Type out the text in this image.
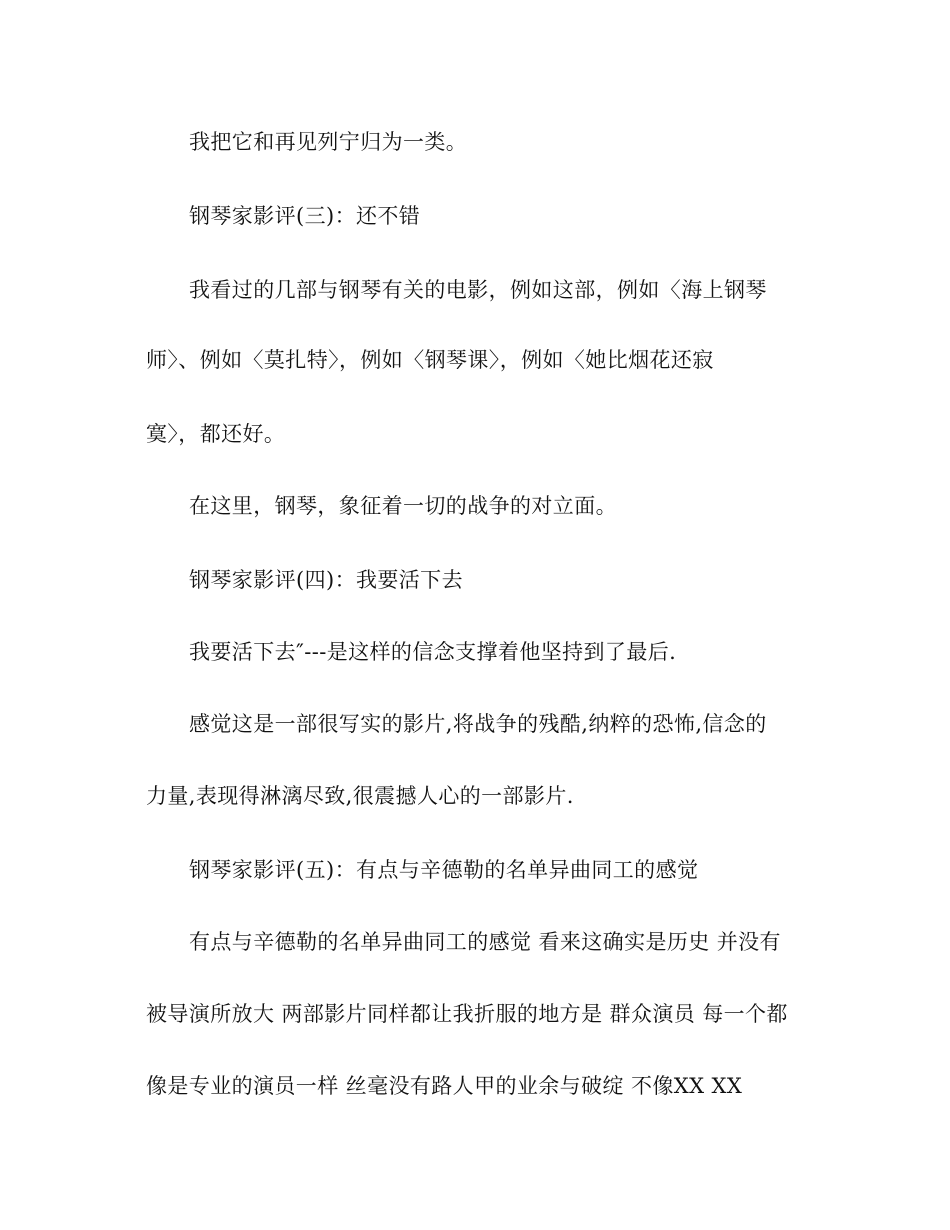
我把它和再见列宁归为一类。
钢琴家影评(三)：还不错
我看过的几部与钢琴有关的电影，例如这部，例如〈海上钢琴
师〉、例如〈莫扎特〉，例如〈钢琴课〉，例如〈她比烟花还寂
寞〉，都还好。
在这里，钢琴，象征着一切的战争的对立面。
钢琴家影评(四)：我要活下去
我要活下去″---是这样的信念支撑着他坚持到了最后.
感觉这是一部很写实的影片,将战争的残酷,纳粹的恐怖,信念的
力量,表现得淋漓尽致,很震撼人心的一部影片.
钢琴家影评(五)：有点与辛德勒的名单异曲同工的感觉
有点与辛德勒的名单异曲同工的感觉 看来这确实是历史 并没有
被导演所放大 两部影片同样都让我折服的地方是 群众演员 每一个都
像是专业的演员一样 丝毫没有路人甲的业余与破绽 不像XX XX
